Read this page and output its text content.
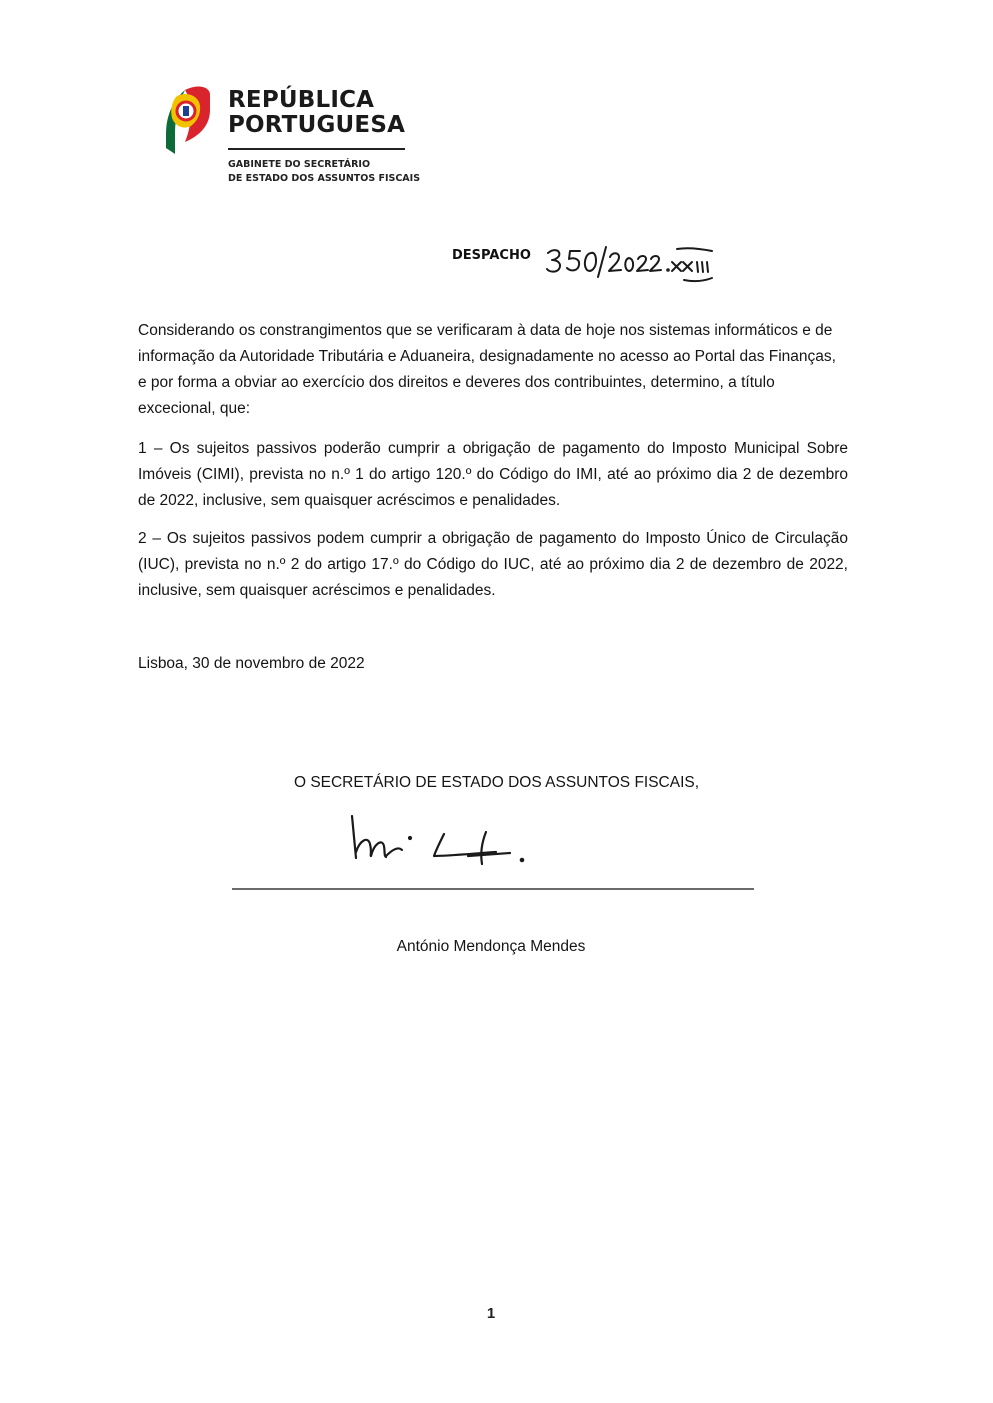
REPÚBLICA
PORTUGUESA
GABINETE DO SECRETÁRIO
DE ESTADO DOS ASSUNTOS FISCAIS
DESPACHO
Considerando os constrangimentos que se verificaram à data de hoje nos sistemas informáticos e de informação da Autoridade Tributária e Aduaneira, designadamente no acesso ao Portal das Finanças, e por forma a obviar ao exercício dos direitos e deveres dos contribuintes, determino, a título excecional, que:
1 – Os sujeitos passivos poderão cumprir a obrigação de pagamento do Imposto Municipal Sobre Imóveis (CIMI), prevista no n.º 1 do artigo 120.º do Código do IMI, até ao próximo dia 2 de dezembro de 2022, inclusive, sem quaisquer acréscimos e penalidades.
2 – Os sujeitos passivos podem cumprir a obrigação de pagamento do Imposto Único de Circulação (IUC), prevista no n.º 2 do artigo 17.º do Código do IUC, até ao próximo dia 2 de dezembro de 2022, inclusive, sem quaisquer acréscimos e penalidades.
Lisboa, 30 de novembro de 2022
O SECRETÁRIO DE ESTADO DOS ASSUNTOS FISCAIS,
António Mendonça Mendes
1
